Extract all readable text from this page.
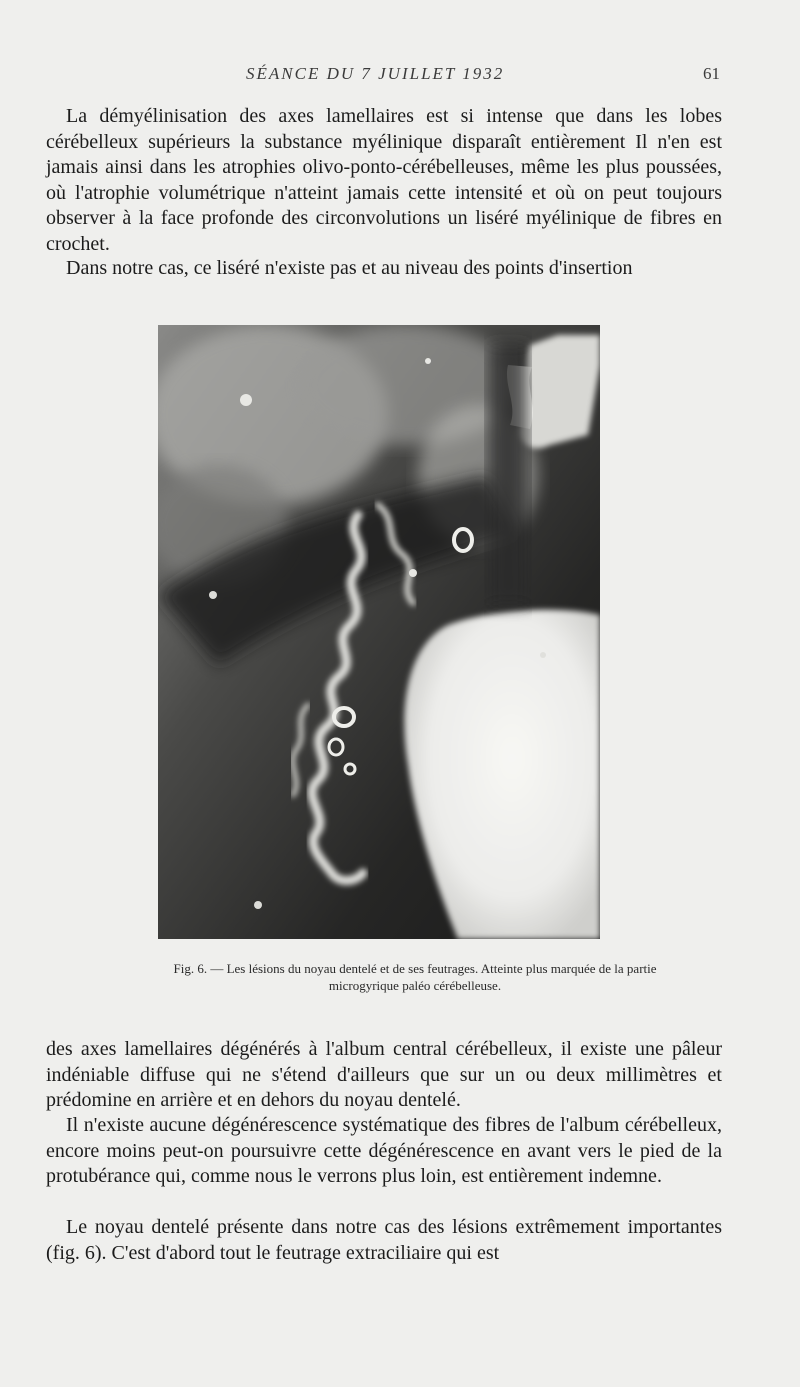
SÉANCE DU 7 JUILLET 1932	61

La démyélinisation des axes lamellaires est si intense que dans les lobes cérébelleux supérieurs la substance myélinique disparaît entièrement Il n'en est jamais ainsi dans les atrophies olivo-ponto-cérébelleuses, même les plus poussées, où l'atrophie volumétrique n'atteint jamais cette intensité et où on peut toujours observer à la face profonde des circonvolutions un liséré myélinique de fibres en crochet.

Dans notre cas, ce liséré n'existe pas et au niveau des points d'insertion

Fig. 6. — Les lésions du noyau dentelé et de ses feutrages. Atteinte plus marquée de la partie
microgyrique paléo cérébelleuse.

des axes lamellaires dégénérés à l'album central cérébelleux, il existe une pâleur indéniable diffuse qui ne s'étend d'ailleurs que sur un ou deux millimètres et prédomine en arrière et en dehors du noyau dentelé.

Il n'existe aucune dégénérescence systématique des fibres de l'album cérébelleux, encore moins peut-on poursuivre cette dégénérescence en avant vers le pied de la protubérance qui, comme nous le verrons plus loin, est entièrement indemne.

Le noyau dentelé présente dans notre cas des lésions extrêmement importantes (fig. 6). C'est d'abord tout le feutrage extraciliaire qui est
